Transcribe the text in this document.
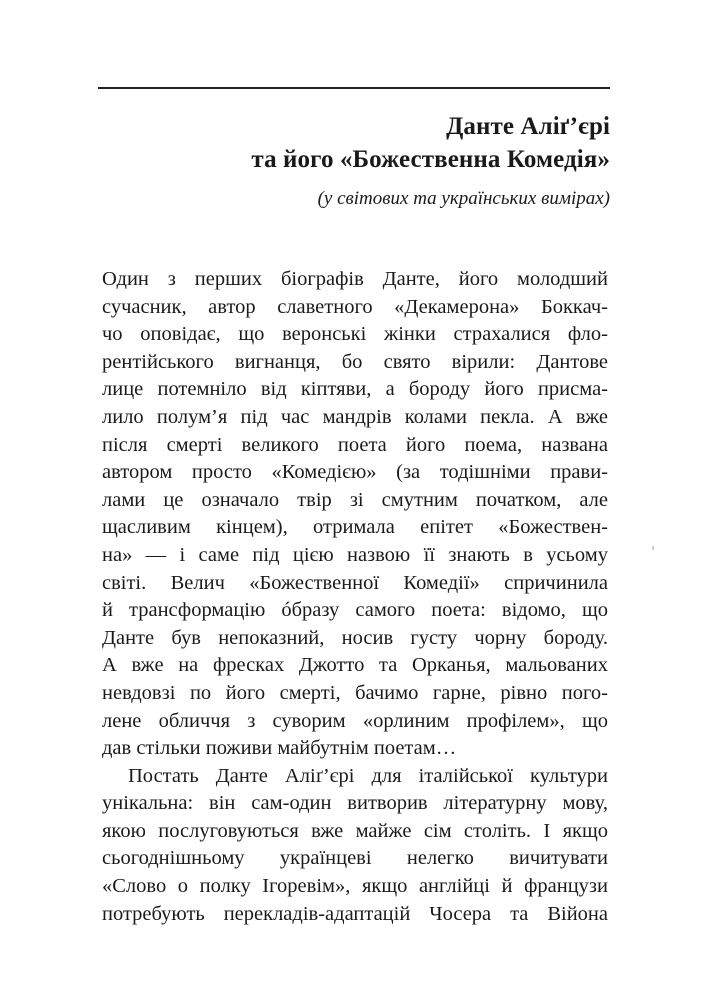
Данте Аліґ’єрі
та його «Божественна Комедія»
(у світових та українських вимірах)
Один з перших біографів Данте, його молодший
сучасник, автор славетного «Декамерона» Боккач-
чо оповідає, що веронські жінки страхалися фло-
рентійського вигнанця, бо свято вірили: Дантове
лице потемніло від кіптяви, а бороду його присма-
лило полум’я під час мандрів колами пекла. А вже
після смерті великого поета його поема, названа
автором просто «Комедією» (за тодішніми прави-
лами це означало твір зі смутним початком, але
щасливим кінцем), отримала епітет «Божествен-
на» — і саме під цією назвою її знають в усьому
світі. Велич «Божественної Комедії» спричинила
й трансформацію óбразу самого поета: відомо, що
Данте був непоказний, носив густу чорну бороду.
А вже на фресках Джотто та Орканья, мальованих
невдовзі по його смерті, бачимо гарне, рівно пого-
лене обличчя з суворим «орлиним профілем», що
дав стільки поживи майбутнім поетам…
Постать Данте Аліґ’єрі для італійської культури
унікальна: він сам-один витворив літературну мову,
якою послуговуються вже майже сім століть. І якщо
сьогоднішньому українцеві нелегко вичитувати
«Слово о полку Ігоревім», якщо англійці й французи
потребують перекладів-адаптацій Чосера та Війона
